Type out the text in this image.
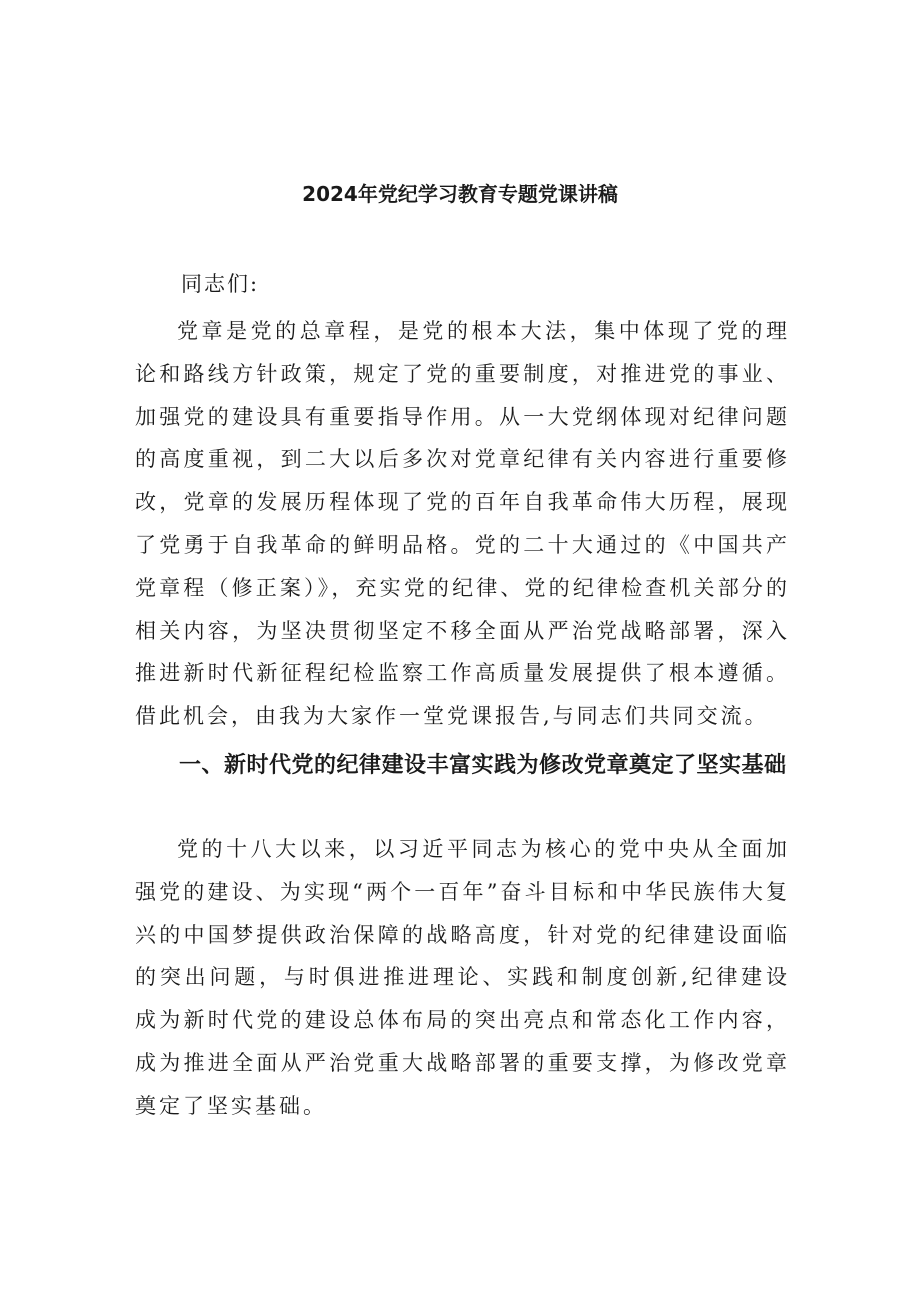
2024年党纪学习教育专题党课讲稿

同志们:

党章是党的总章程，是党的根本大法，集中体现了党的理论和路线方针政策，规定了党的重要制度，对推进党的事业、加强党的建设具有重要指导作用。从一大党纲体现对纪律问题的高度重视，到二大以后多次对党章纪律有关内容进行重要修改，党章的发展历程体现了党的百年自我革命伟大历程，展现了党勇于自我革命的鲜明品格。党的二十大通过的《中国共产党章程（修正案）》，充实党的纪律、党的纪律检查机关部分的相关内容，为坚决贯彻坚定不移全面从严治党战略部署，深入推进新时代新征程纪检监察工作高质量发展提供了根本遵循。借此机会，由我为大家作一堂党课报告,与同志们共同交流。

一、新时代党的纪律建设丰富实践为修改党章奠定了坚实基础

党的十八大以来，以习近平同志为核心的党中央从全面加强党的建设、为实现“两个一百年”奋斗目标和中华民族伟大复兴的中国梦提供政治保障的战略高度，针对党的纪律建设面临的突出问题，与时俱进推进理论、实践和制度创新,纪律建设成为新时代党的建设总体布局的突出亮点和常态化工作内容，成为推进全面从严治党重大战略部署的重要支撑，为修改党章奠定了坚实基础。
